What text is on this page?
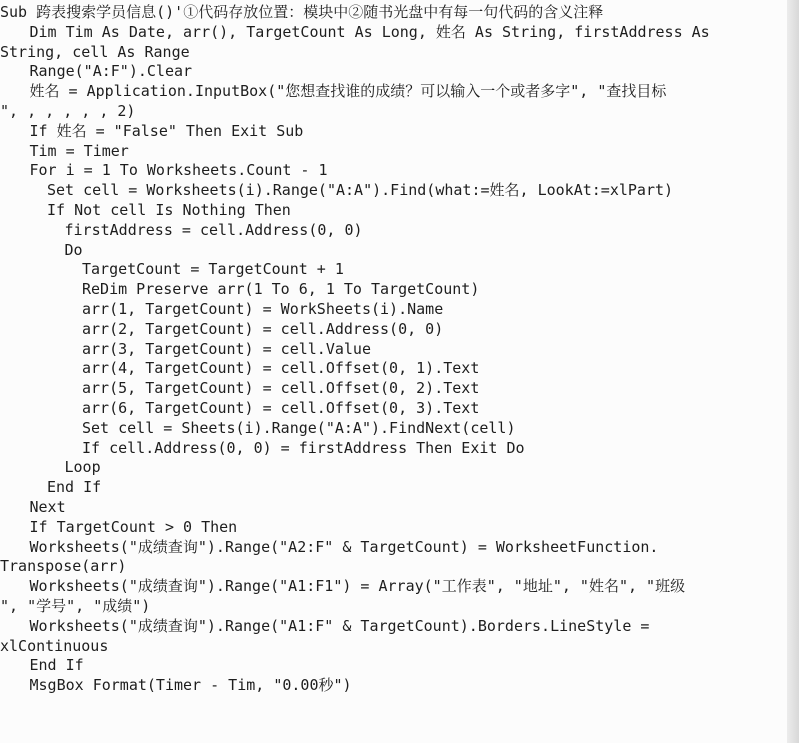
Sub 跨表搜索学员信息()'①代码存放位置：模块中②随书光盘中有每一句代码的含义注释
Dim Tim As Date, arr(), TargetCount As Long, 姓名 As String, firstAddress As
String, cell As Range
Range("A:F").Clear
姓名 = Application.InputBox("您想查找谁的成绩？可以输入一个或者多字", "查找目标
", , , , , , 2)
If 姓名 = "False" Then Exit Sub
Tim = Timer
For i = 1 To Worksheets.Count - 1
Set cell = Worksheets(i).Range("A:A").Find(what:=姓名, LookAt:=xlPart)
If Not cell Is Nothing Then
firstAddress = cell.Address(0, 0)
Do
TargetCount = TargetCount + 1
ReDim Preserve arr(1 To 6, 1 To TargetCount)
arr(1, TargetCount) = WorkSheets(i).Name
arr(2, TargetCount) = cell.Address(0, 0)
arr(3, TargetCount) = cell.Value
arr(4, TargetCount) = cell.Offset(0, 1).Text
arr(5, TargetCount) = cell.Offset(0, 2).Text
arr(6, TargetCount) = cell.Offset(0, 3).Text
Set cell = Sheets(i).Range("A:A").FindNext(cell)
If cell.Address(0, 0) = firstAddress Then Exit Do
Loop
End If
Next
If TargetCount > 0 Then
Worksheets("成绩查询").Range("A2:F" & TargetCount) = WorksheetFunction.
Transpose(arr)
Worksheets("成绩查询").Range("A1:F1") = Array("工作表", "地址", "姓名", "班级
", "学号", "成绩")
Worksheets("成绩查询").Range("A1:F" & TargetCount).Borders.LineStyle =
xlContinuous
End If
MsgBox Format(Timer - Tim, "0.00秒")
